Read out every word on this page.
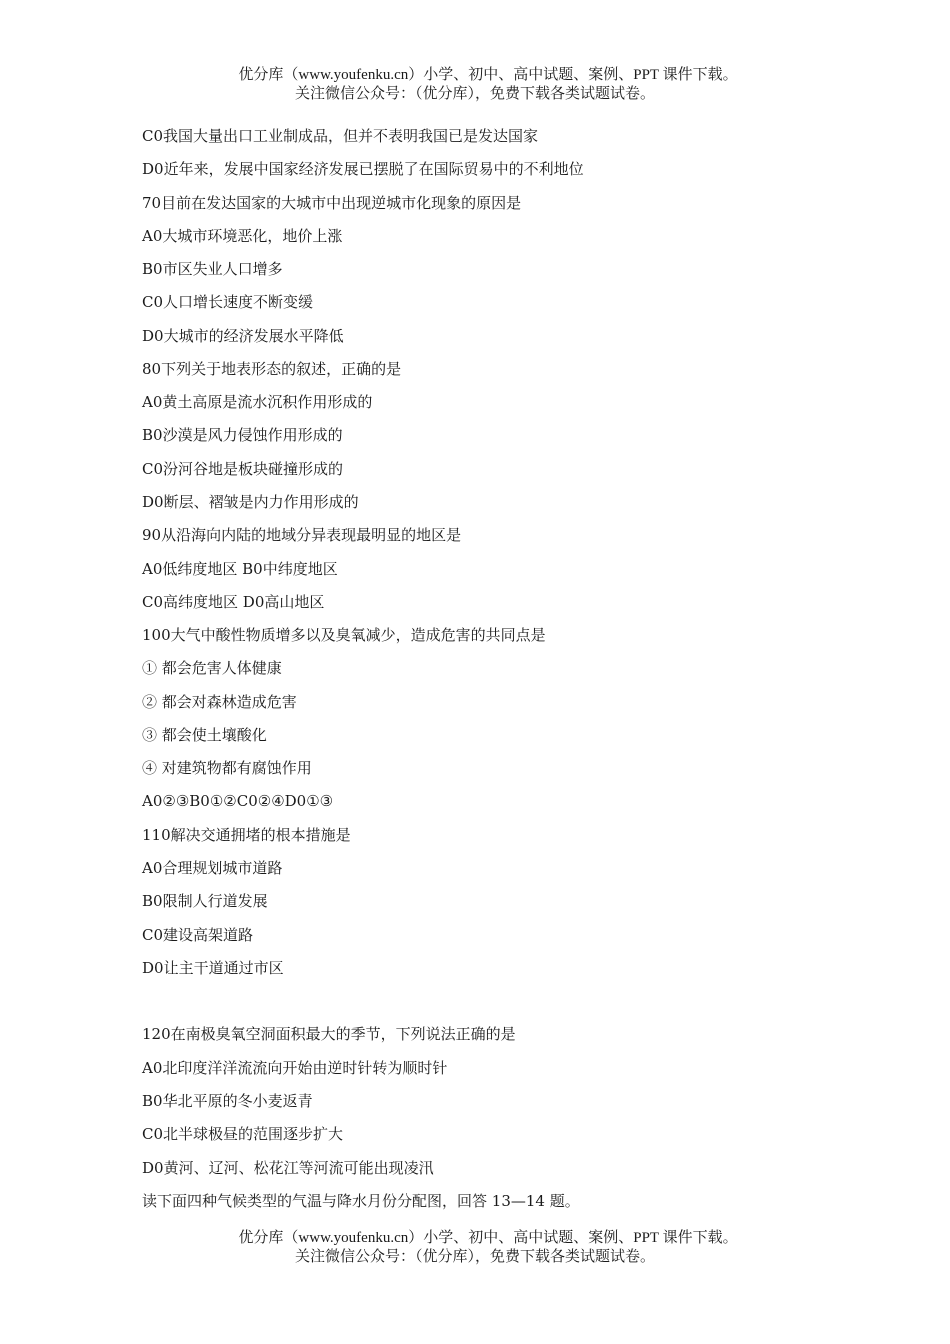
优分库（www.youfenku.cn）小学、初中、高中试题、案例、PPT 课件下载。
关注微信公众号：（优分库），免费下载各类试题试卷。
C0我国大量出口工业制成品，但并不表明我国已是发达国家
D0近年来，发展中国家经济发展已摆脱了在国际贸易中的不利地位
70目前在发达国家的大城市中出现逆城市化现象的原因是
A0大城市环境恶化，地价上涨
B0市区失业人口增多
C0人口增长速度不断变缓
D0大城市的经济发展水平降低
80下列关于地表形态的叙述，正确的是
A0黄土高原是流水沉积作用形成的
B0沙漠是风力侵蚀作用形成的
C0汾河谷地是板块碰撞形成的
D0断层、褶皱是内力作用形成的
90从沿海向内陆的地域分异表现最明显的地区是
A0低纬度地区 B0中纬度地区
C0高纬度地区 D0高山地区
100大气中酸性物质增多以及臭氧减少，造成危害的共同点是
① 都会危害人体健康
② 都会对森林造成危害
③ 都会使土壤酸化
④ 对建筑物都有腐蚀作用
A0②③B0①②C0②④D0①③
110解决交通拥堵的根本措施是
A0合理规划城市道路
B0限制人行道发展
C0建设高架道路
D0让主干道通过市区
120在南极臭氧空洞面积最大的季节，下列说法正确的是
A0北印度洋洋流流向开始由逆时针转为顺时针
B0华北平原的冬小麦返青
C0北半球极昼的范围逐步扩大
D0黄河、辽河、松花江等河流可能出现凌汛
读下面四种气候类型的气温与降水月份分配图，回答 13—14 题。
优分库（www.youfenku.cn）小学、初中、高中试题、案例、PPT 课件下载。
关注微信公众号：（优分库），免费下载各类试题试卷。
